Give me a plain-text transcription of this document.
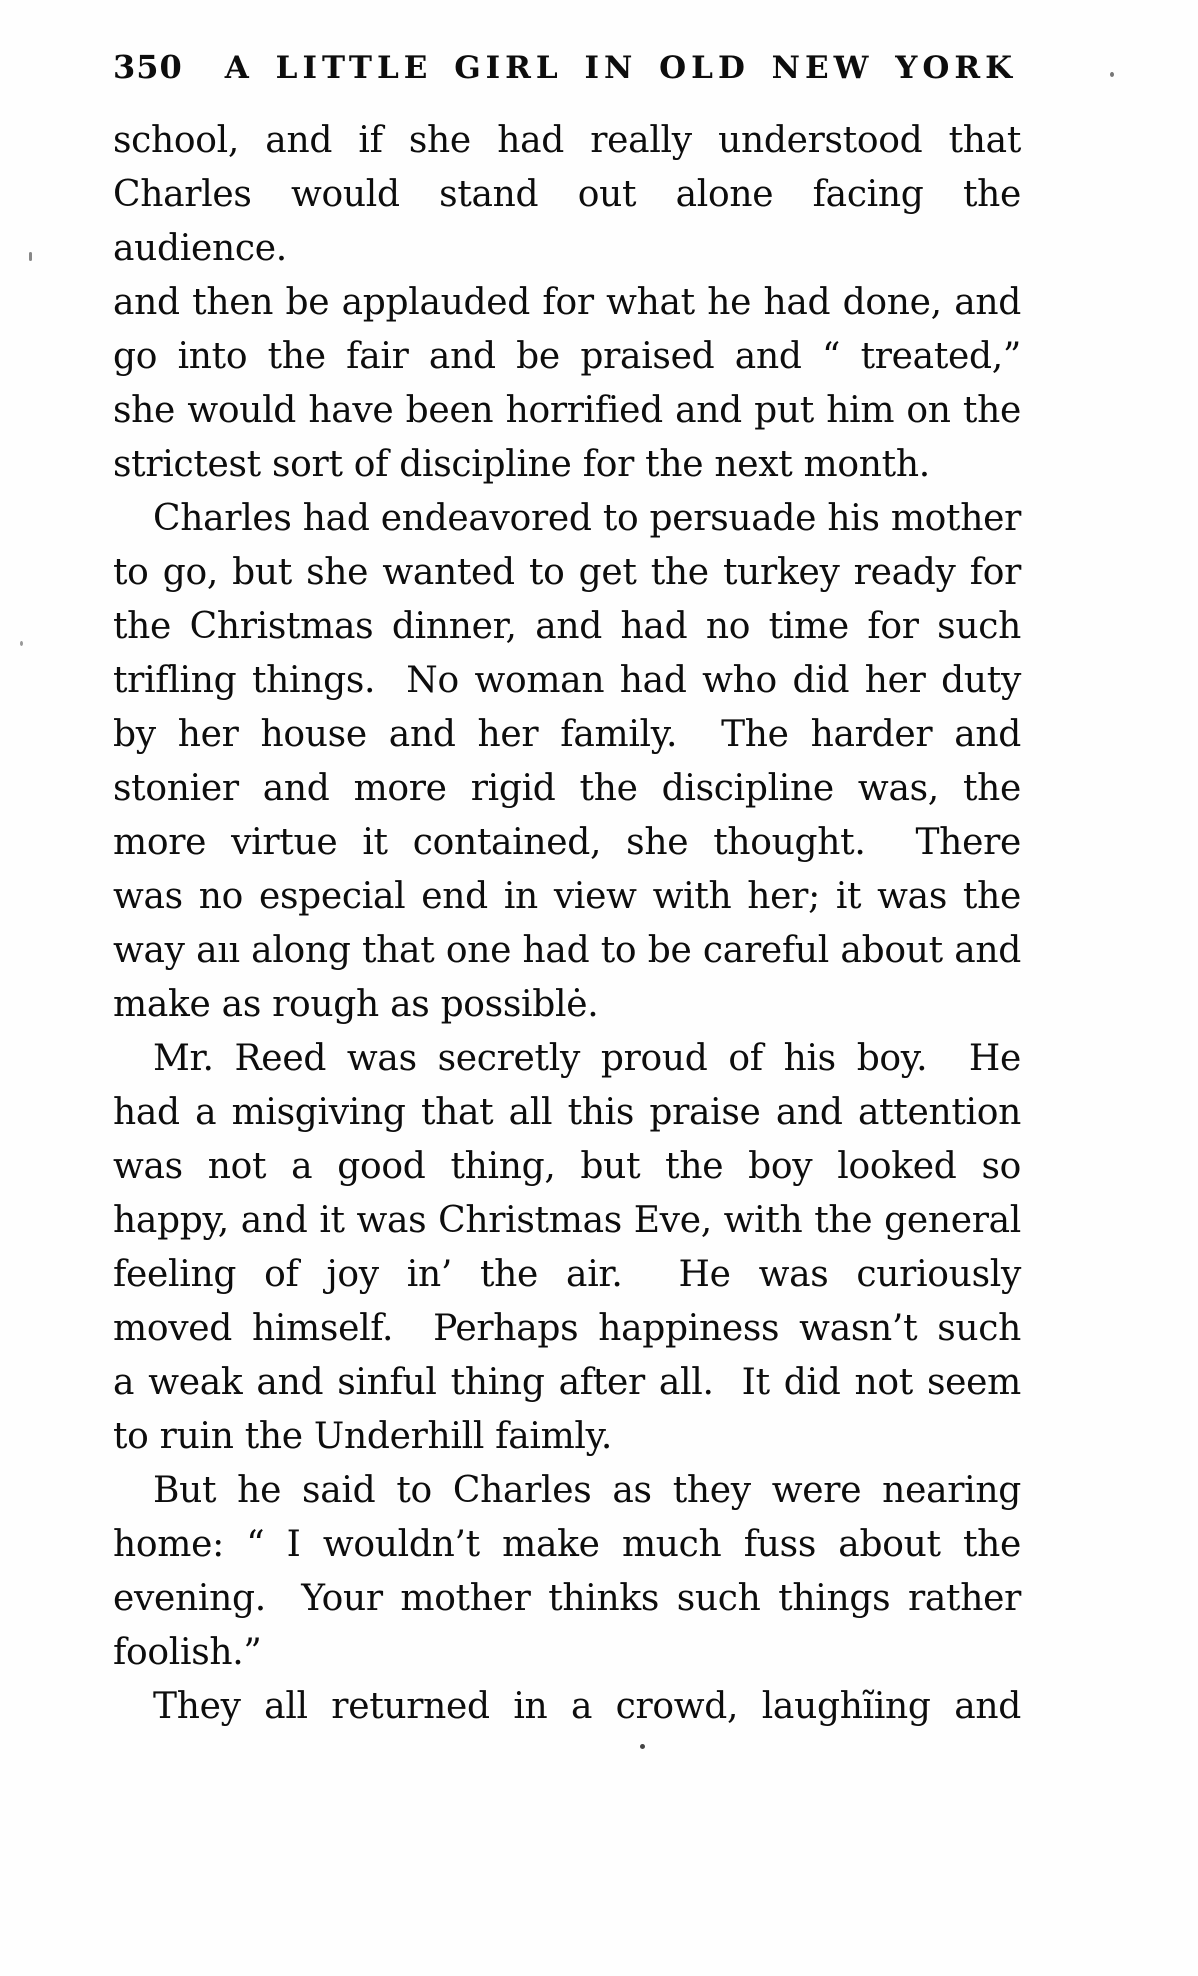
350 A LITTLE GIRL IN OLD NEW YORK
school, and if she had really understood that
Charles would stand out alone facing the audience.
and then be applauded for what he had done, and
go into the fair and be praised and “ treated,”
she would have been horrified and put him on the
strictest sort of discipline for the next month.
Charles had endeavored to persuade his mother
to go, but she wanted to get the turkey ready for
the Christmas dinner, and had no time for such
trifling things.  No woman had who did her duty
by her house and her family.  The harder and
stonier and more rigid the discipline was, the
more virtue it contained, she thought.  There
was no especial end in view with her; it was the
way aıı along that one had to be careful about and
make as rough as possiblė.
Mr. Reed was secretly proud of his boy.  He
had a misgiving that all this praise and attention
was not a good thing, but the boy looked so
happy, and it was Christmas Eve, with the general
feeling of joy in’ the air.  He was curiously
moved himself.  Perhaps happiness wasn’t such
a weak and sinful thing after all.  It did not seem
to ruin the Underhill faimly.
But he said to Charles as they were nearing
home: “ I wouldn’t make much fuss about the
evening.  Your mother thinks such things rather
foolish.”
They all returned in a crowd, laughĩing and
